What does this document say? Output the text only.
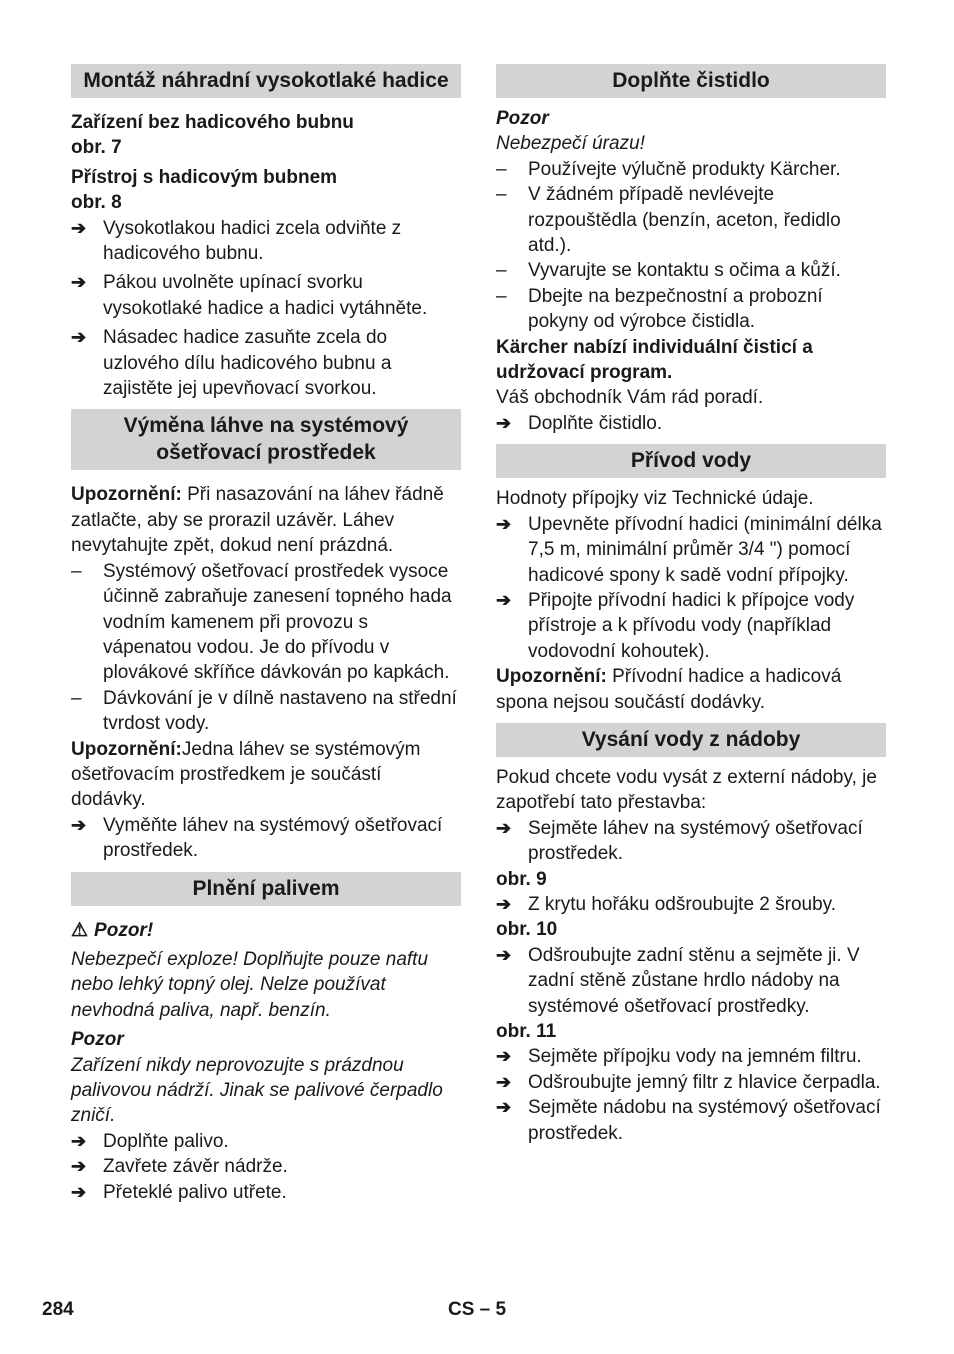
Montáž náhradní vysokotlaké hadice
Zařízení bez hadicového bubnu
obr. 7
Přístroj s hadicovým bubnem
obr. 8
➔
Vysokotlakou hadici zcela odviňte z hadicového bubnu.
➔
Pákou uvolněte upínací svorku vysokotlaké hadice a hadici vytáhněte.
➔
Násadec hadice zasuňte zcela do uzlového dílu hadicového bubnu a zajistěte jej upevňovací svorkou.
Výměna láhve na systémový ošetřovací prostředek
Upozornění: Při nasazování na láhev řádně zatlačte, aby se prorazil uzávěr. Láhev nevytahujte zpět, dokud není prázdná.
–
Systémový ošetřovací prostředek vysoce účinně zabraňuje zanesení topného hada vodním kamenem při provozu s vápenatou vodou. Je do přívodu v plovákové skříňce dávkován po kapkách.
–
Dávkování je v dílně nastaveno na střední tvrdost vody.
Upozornění:Jedna láhev se systémovým ošetřovacím prostředkem je součástí dodávky.
➔
Vyměňte láhev na systémový ošetřovací prostředek.
Plnění palivem
⚠ Pozor!
Nebezpečí exploze! Doplňujte pouze naftu nebo lehký topný olej. Nelze používat nevhodná paliva, např. benzín.
Pozor
Zařízení nikdy neprovozujte s prázdnou palivovou nádrží. Jinak se palivové čerpadlo zničí.
➔
Doplňte palivo.
➔
Zavřete závěr nádrže.
➔
Přeteklé palivo utřete.
Doplňte čistidlo
Pozor
Nebezpečí úrazu!
–
Používejte výlučně produkty Kärcher.
–
V žádném případě nevlévejte rozpouštědla (benzín, aceton, ředidlo atd.).
–
Vyvarujte se kontaktu s očima a kůží.
–
Dbejte na bezpečnostní a probozní pokyny od výrobce čistidla.
Kärcher nabízí individuální čisticí a udržovací program.
Váš obchodník Vám rád poradí.
➔
Doplňte čistidlo.
Přívod vody
Hodnoty přípojky viz Technické údaje.
➔
Upevněte přívodní hadici (minimální délka 7,5 m, minimální průměr 3/4 ") pomocí hadicové spony k sadě vodní přípojky.
➔
Připojte přívodní hadici k přípojce vody přístroje a k přívodu vody (například vodovodní kohoutek).
Upozornění: Přívodní hadice a hadicová spona nejsou součástí dodávky.
Vysání vody z nádoby
Pokud chcete vodu vysát z externí nádoby, je zapotřebí tato přestavba:
➔
Sejměte láhev na systémový ošetřovací prostředek.
obr. 9
➔
Z krytu hořáku odšroubujte 2 šrouby.
obr. 10
➔
Odšroubujte zadní stěnu a sejměte ji. V zadní stěně zůstane hrdlo nádoby na systémové ošetřovací prostředky.
obr. 11
➔
Sejměte přípojku vody na jemném filtru.
➔
Odšroubujte jemný filtr z hlavice čerpadla.
➔
Sejměte nádobu na systémový ošetřovací prostředek.
284	CS – 5
